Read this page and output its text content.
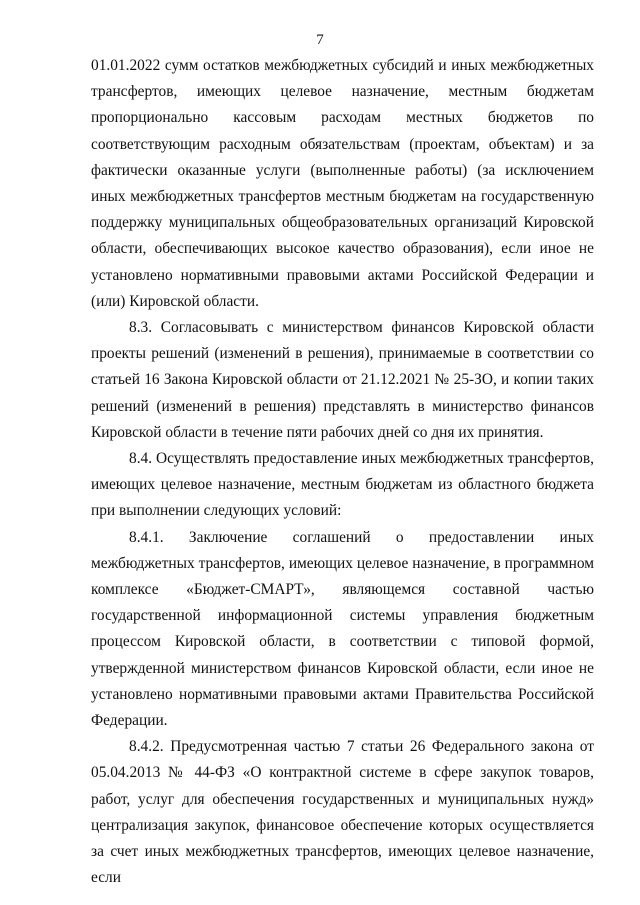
7

01.01.2022 сумм остатков межбюджетных субсидий и иных межбюджетных трансфертов, имеющих целевое назначение, местным бюджетам пропорционально кассовым расходам местных бюджетов по соответствующим расходным обязательствам (проектам, объектам) и за фактически оказанные услуги (выполненные работы) (за исключением иных межбюджетных трансфертов местным бюджетам на государственную поддержку муниципальных общеобразовательных организаций Кировской области, обеспечивающих высокое качество образования), если иное не установлено нормативными правовыми актами Российской Федерации и (или) Кировской области.

8.3. Согласовывать с министерством финансов Кировской области проекты решений (изменений в решения), принимаемые в соответствии со статьей 16 Закона Кировской области от 21.12.2021 № 25-ЗО, и копии таких решений (изменений в решения) представлять в министерство финансов Кировской области в течение пяти рабочих дней со дня их принятия.

8.4. Осуществлять предоставление иных межбюджетных трансфертов, имеющих целевое назначение, местным бюджетам из областного бюджета при выполнении следующих условий:

8.4.1. Заключение соглашений о предоставлении иных межбюджетных трансфертов, имеющих целевое назначение, в программном комплексе «Бюджет-СМАРТ», являющемся составной частью государственной информационной системы управления бюджетным процессом Кировской области, в соответствии с типовой формой, утвержденной министерством финансов Кировской области, если иное не установлено нормативными правовыми актами Правительства Российской Федерации.

8.4.2. Предусмотренная частью 7 статьи 26 Федерального закона от 05.04.2013 № 44-ФЗ «О контрактной системе в сфере закупок товаров, работ, услуг для обеспечения государственных и муниципальных нужд» централизация закупок, финансовое обеспечение которых осуществляется за счет иных межбюджетных трансфертов, имеющих целевое назначение, если
